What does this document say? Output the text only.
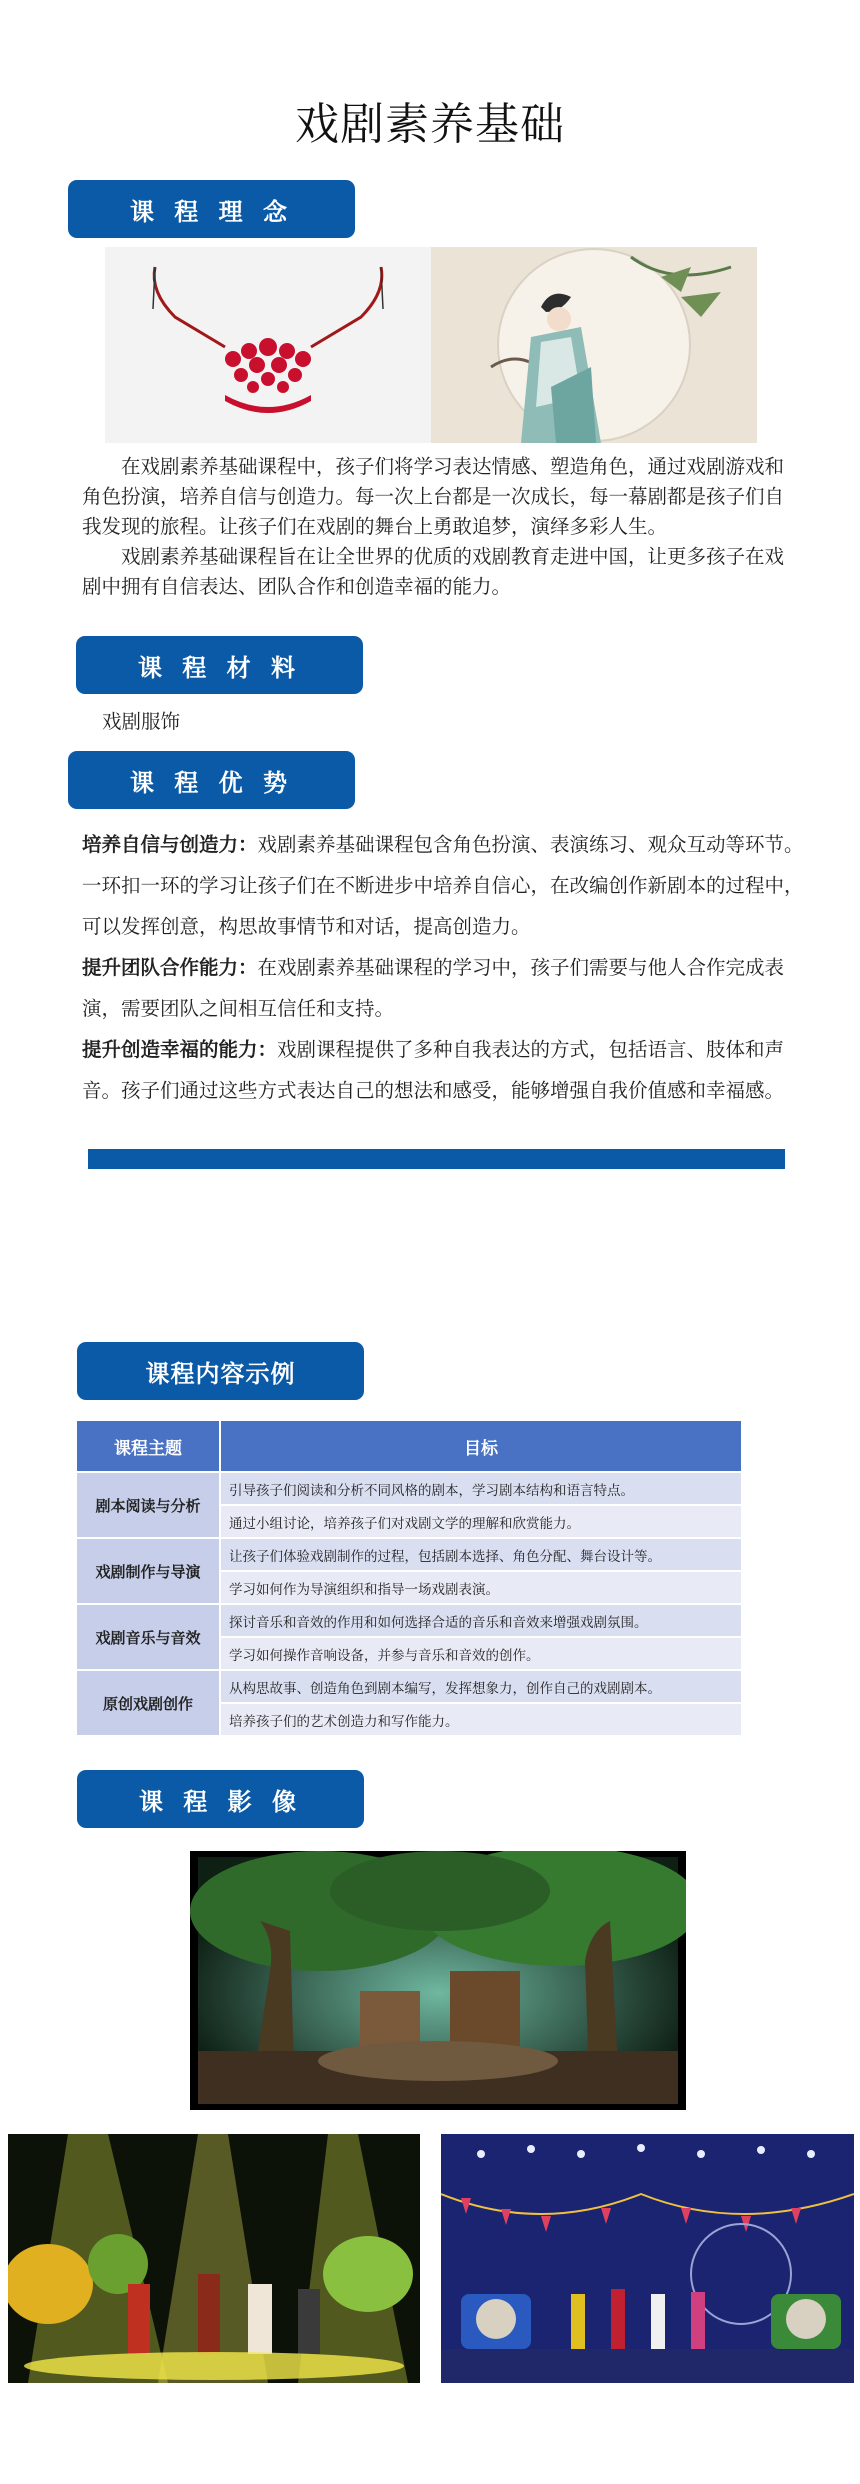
戏剧素养基础
课 程 理 念

在戏剧素养基础课程中，孩子们将学习表达情感、塑造角色，通过戏剧游戏和角色扮演，培养自信与创造力。每一次上台都是一次成长，每一幕剧都是孩子们自我发现的旅程。让孩子们在戏剧的舞台上勇敢追梦，演绎多彩人生。

戏剧素养基础课程旨在让全世界的优质的戏剧教育走进中国，让更多孩子在戏剧中拥有自信表达、团队合作和创造幸福的能力。

课 程 材 料
戏剧服饰
课 程 优 势

培养自信与创造力：戏剧素养基础课程包含角色扮演、表演练习、观众互动等环节。一环扣一环的学习让孩子们在不断进步中培养自信心，在改编创作新剧本的过程中，可以发挥创意，构思故事情节和对话，提高创造力。

提升团队合作能力：在戏剧素养基础课程的学习中，孩子们需要与他人合作完成表演，需要团队之间相互信任和支持。

提升创造幸福的能力：戏剧课程提供了多种自我表达的方式，包括语言、肢体和声音。孩子们通过这些方式表达自己的想法和感受，能够增强自我价值感和幸福感。

课程内容示例
课程主题	目标
剧本阅读与分析	引导孩子们阅读和分析不同风格的剧本，学习剧本结构和语言特点。
	通过小组讨论，培养孩子们对戏剧文学的理解和欣赏能力。
戏剧制作与导演	让孩子们体验戏剧制作的过程，包括剧本选择、角色分配、舞台设计等。
	学习如何作为导演组织和指导一场戏剧表演。
戏剧音乐与音效	探讨音乐和音效的作用和如何选择合适的音乐和音效来增强戏剧氛围。
	学习如何操作音响设备，并参与音乐和音效的创作。
原创戏剧创作	从构思故事、创造角色到剧本编写，发挥想象力，创作自己的戏剧剧本。
	培养孩子们的艺术创造力和写作能力。
课 程 影 像
